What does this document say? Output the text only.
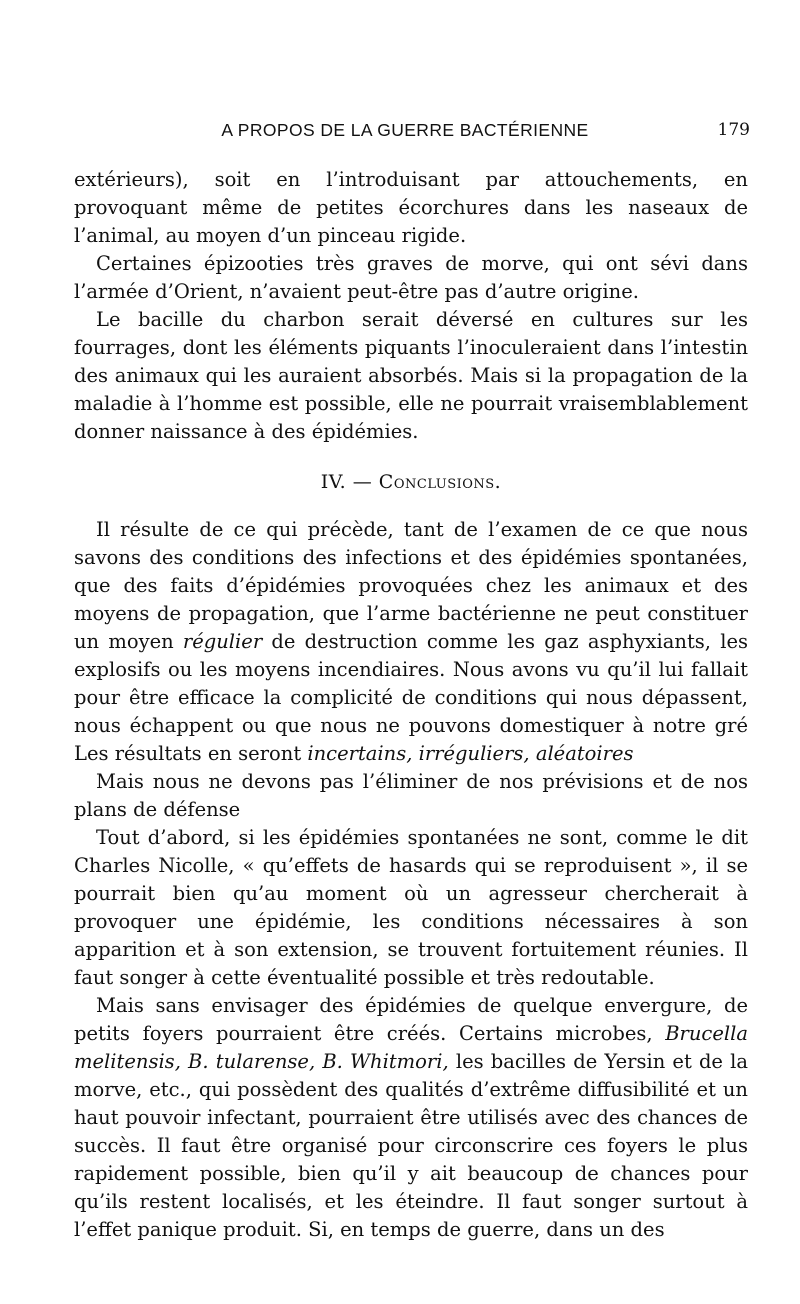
A PROPOS DE LA GUERRE BACTÉRIENNE	179

extérieurs), soit en l’introduisant par attouchements, en provoquant même de petites écorchures dans les naseaux de l’animal, au moyen d’un pinceau rigide.

Certaines épizooties très graves de morve, qui ont sévi dans l’armée d’Orient, n’avaient peut-être pas d’autre origine.

Le bacille du charbon serait déversé en cultures sur les fourrages, dont les éléments piquants l’inoculeraient dans l’intestin des animaux qui les auraient absorbés. Mais si la propagation de la maladie à l’homme est possible, elle ne pourrait vraisemblablement donner naissance à des épidémies.

IV. — Conclusions.

Il résulte de ce qui précède, tant de l’examen de ce que nous savons des conditions des infections et des épidémies spontanées, que des faits d’épidémies provoquées chez les animaux et des moyens de propagation, que l’arme bactérienne ne peut constituer un moyen régulier de destruction comme les gaz asphyxiants, les explosifs ou les moyens incendiaires. Nous avons vu qu’il lui fallait pour être efficace la complicité de conditions qui nous dépassent, nous échappent ou que nous ne pouvons domestiquer à notre gré Les résultats en seront incertains, irréguliers, aléatoires

Mais nous ne devons pas l’éliminer de nos prévisions et de nos plans de défense

Tout d’abord, si les épidémies spontanées ne sont, comme le dit Charles Nicolle, « qu’effets de hasards qui se reproduisent », il se pourrait bien qu’au moment où un agresseur chercherait à provoquer une épidémie, les conditions nécessaires à son apparition et à son extension, se trouvent fortuitement réunies. Il faut songer à cette éventualité possible et très redoutable.

Mais sans envisager des épidémies de quelque envergure, de petits foyers pourraient être créés. Certains microbes, Brucella melitensis, B. tularense, B. Whitmori, les bacilles de Yersin et de la morve, etc., qui possèdent des qualités d’extrême diffusibilité et un haut pouvoir infectant, pourraient être utilisés avec des chances de succès. Il faut être organisé pour circonscrire ces foyers le plus rapidement possible, bien qu’il y ait beaucoup de chances pour qu’ils restent localisés, et les éteindre. Il faut songer surtout à l’effet panique produit. Si, en temps de guerre, dans un des
